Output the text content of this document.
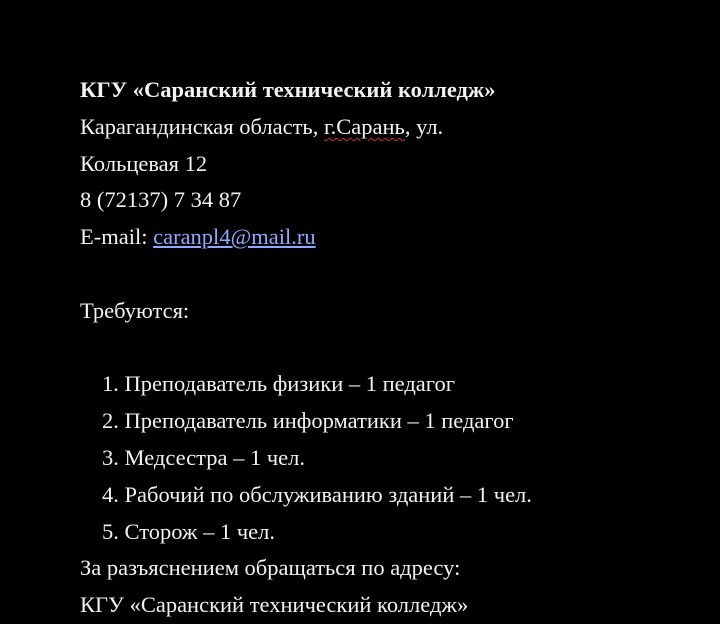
КГУ «Саранский технический колледж»
Карагандинская область, г.Сарань, ул.
Кольцевая 12
8 (72137) 7 34 87
E-mail: caranpl4@mail.ru
Требуются:
1. Преподаватель физики – 1 педагог
2. Преподаватель информатики – 1 педагог
3. Медсестра – 1 чел.
4. Рабочий по обслуживанию зданий – 1 чел.
5. Сторож – 1 чел.
За разъяснением обращаться по адресу:
КГУ «Саранский технический колледж»
